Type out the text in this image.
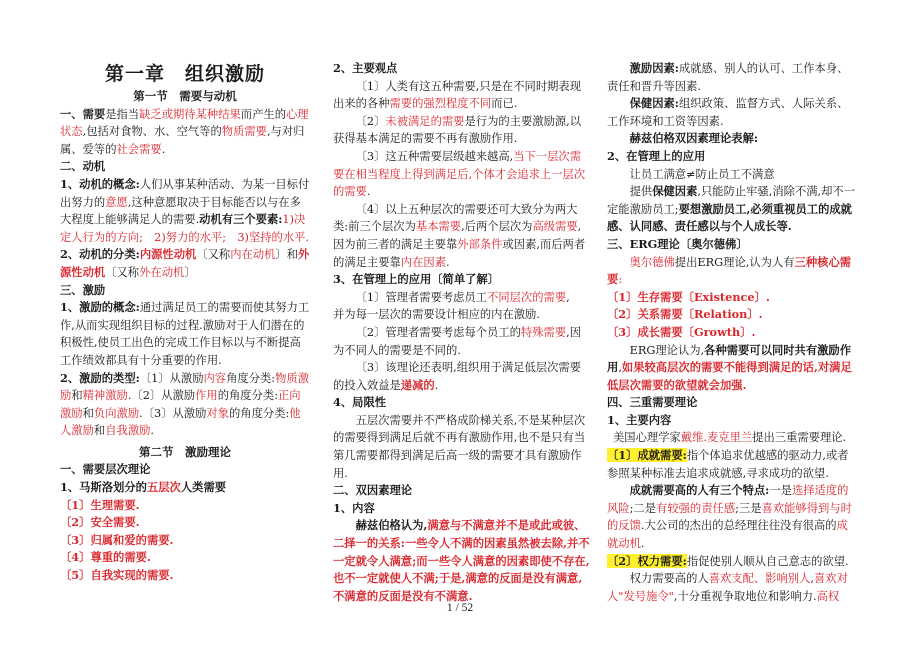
第一章　组织激励
第一节　需要与动机
一、需要是指当缺乏或期待某种结果而产生的心理状态,包括对食物、水、空气等的物质需要,与对归属、爱等的社会需要.
二、动机
1、动机的概念:人们从事某种活动、为某一目标付出努力的意愿,这种意愿取决于目标能否以与在多大程度上能够满足人的需要.动机有三个要素:1)决定人行为的方向;　2)努力的水平;　3)坚持的水平.
2、动机的分类:内源性动机〔又称内在动机〕和外源性动机〔又称外在动机〕
三、激励
1、激励的概念:通过满足员工的需要而使其努力工作,从而实现组织目标的过程.激励对于人们潜在的积极性,使员工出色的完成工作目标以与不断提高工作绩效都具有十分重要的作用.
2、激励的类型:〔1〕从激励内容角度分类:物质激励和精神激励.〔2〕从激励作用的角度分类:正向激励和负向激励.〔3〕从激励对象的角度分类:他人激励和自我激励.
第二节　激励理论
一、需要层次理论
1、马斯洛划分的五层次人类需要
〔1〕生理需要.
〔2〕安全需要.
〔3〕归属和爱的需要.
〔4〕尊重的需要.
〔5〕自我实现的需要.
2、主要观点
〔1〕人类有这五种需要,只是在不同时期表现出来的各种需要的强烈程度不同而已.
〔2〕未被满足的需要是行为的主要激励源,以获得基本满足的需要不再有激励作用.
〔3〕这五种需要层级越来越高,当下一层次需要在相当程度上得到满足后,个体才会追求上一层次的需要.
〔4〕以上五种层次的需要还可大致分为两大类:前三个层次为基本需要,后两个层次为高级需要,因为前三者的满足主要靠外部条件或因素,而后两者的满足主要靠内在因素.
3、在管理上的应用〔简单了解〕
〔1〕管理者需要考虑员工不同层次的需要,
并为每一层次的需要设计相应的内在激励.
〔2〕管理者需要考虑每个员工的特殊需要,因为不同人的需要是不同的.
〔3〕该理论还表明,组织用于满足低层次需要的投入效益是递减的.
4、局限性
五层次需要并不严格成阶梯关系,不是某种层次的需要得到满足后就不再有激励作用,也不是只有当第几需要都得到满足后高一级的需要才具有激励作用.
二、双因素理论
1、内容
赫兹伯格认为,满意与不满意并不是或此或彼、二择一的关系:一些令人不满的因素虽然被去除,并不一定就令人满意;而一些令人满意的因素即使不存在,也不一定就使人不满;于是,满意的反面是没有满意,不满意的反面是没有不满意.
激励因素:成就感、别人的认可、工作本身、责任和晋升等因素.
保健因素:组织政策、监督方式、人际关系、工作环境和工资等因素.
赫兹伯格双因素理论表解:
2、在管理上的应用
让员工满意≠防止员工不满意
提供保健因素,只能防止牢骚,消除不满,却不一定能激励员工;要想激励员工,必须重视员工的成就感、认同感、责任感以与个人成长等.
三、ERG理论〔奥尔德佛〕
奥尔德佛提出ERG理论,认为人有三种核心需要:
〔1〕生存需要〔Existence〕.
〔2〕关系需要〔Relation〕.
〔3〕成长需要〔Growth〕.
ERG理论认为,各种需要可以同时共有激励作用,如果较高层次的需要不能得到满足的话,对满足低层次需要的欲望就会加强.
四、三重需要理论
1、主要内容
美国心理学家戴维.麦克里兰提出三重需要理论.
〔1〕成就需要:指个体追求优越感的驱动力,或者参照某种标准去追求成就感,寻求成功的欲望.
成就需要高的人有三个特点:一是选择适度的风险;二是有较强的责任感;三是喜欢能够得到与时的反馈.大公司的杰出的总经理往往没有很高的成就动机.
〔2〕权力需要:指促使别人顺从自己意志的欲望.
权力需要高的人喜欢支配、影响别人,喜欢对人"发号施令",十分重视争取地位和影响力.高权
1 / 52
